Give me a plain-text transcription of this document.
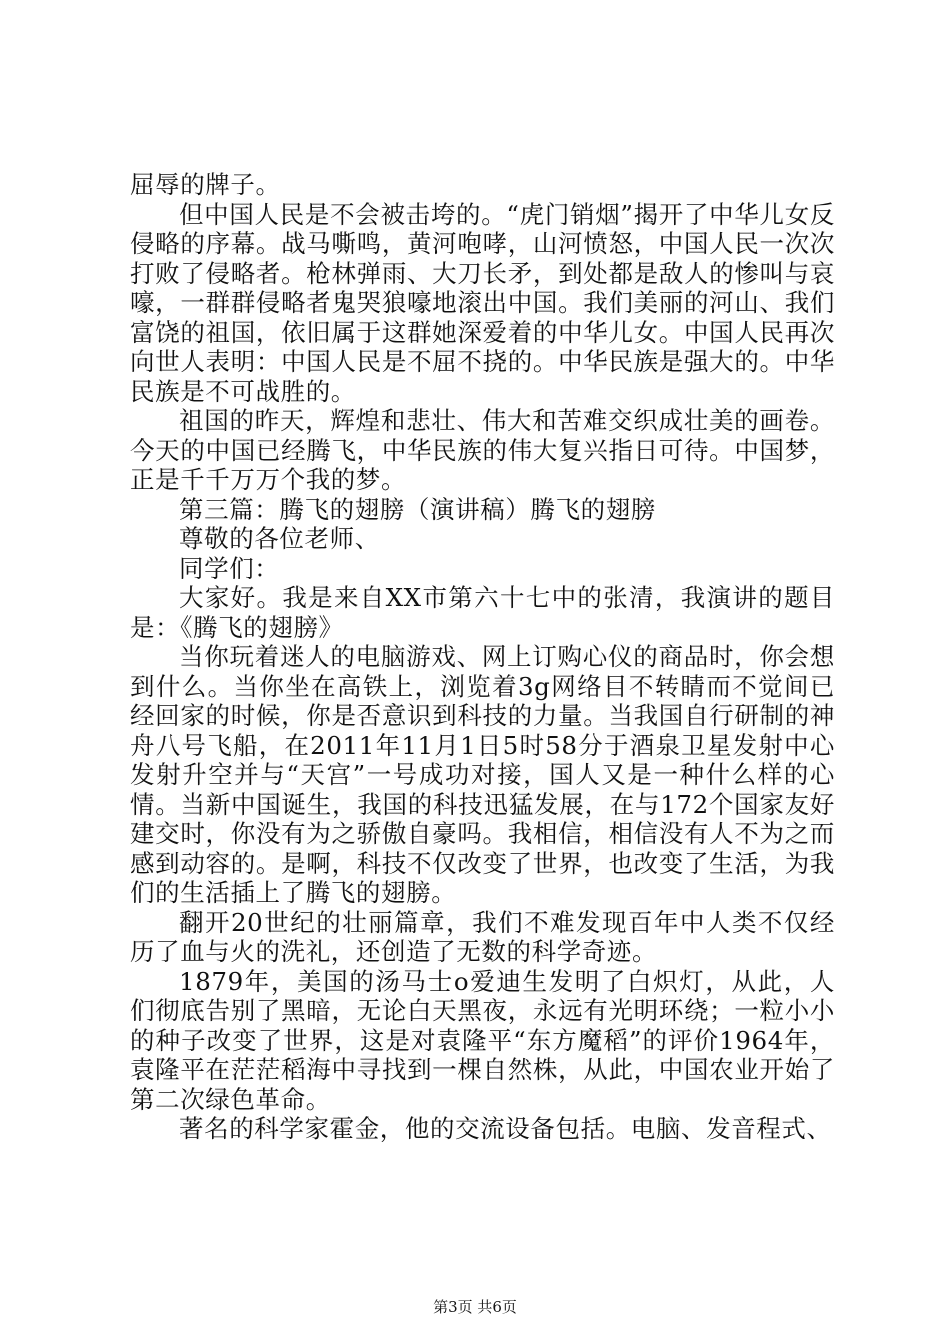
屈辱的牌子。

但中国人民是不会被击垮的。“虎门销烟”揭开了中华儿女反侵略的序幕。战马嘶鸣，黄河咆哮，山河愤怒，中国人民一次次打败了侵略者。枪林弹雨、大刀长矛，到处都是敌人的惨叫与哀嚎，一群群侵略者鬼哭狼嚎地滚出中国。我们美丽的河山、我们富饶的祖国，依旧属于这群她深爱着的中华儿女。中国人民再次向世人表明：中国人民是不屈不挠的。中华民族是强大的。中华民族是不可战胜的。

祖国的昨天，辉煌和悲壮、伟大和苦难交织成壮美的画卷。今天的中国已经腾飞，中华民族的伟大复兴指日可待。中国梦，正是千千万万个我的梦。

第三篇：腾飞的翅膀（演讲稿）腾飞的翅膀

尊敬的各位老师、

同学们：

大家好。我是来自XX市第六十七中的张清，我演讲的题目是：《腾飞的翅膀》

当你玩着迷人的电脑游戏、网上订购心仪的商品时，你会想到什么。当你坐在高铁上，浏览着3g网络目不转睛而不觉间已经回家的时候，你是否意识到科技的力量。当我国自行研制的神舟八号飞船，在2011年11月1日5时58分于酒泉卫星发射中心发射升空并与“天宫”一号成功对接，国人又是一种什么样的心情。当新中国诞生，我国的科技迅猛发展，在与172个国家友好建交时，你没有为之骄傲自豪吗。我相信，相信没有人不为之而感到动容的。是啊，科技不仅改变了世界，也改变了生活，为我们的生活插上了腾飞的翅膀。

翻开20世纪的壮丽篇章，我们不难发现百年中人类不仅经历了血与火的洗礼，还创造了无数的科学奇迹。

1879年，美国的汤马士o爱迪生发明了白炽灯，从此，人们彻底告别了黑暗，无论白天黑夜，永远有光明环绕；一粒小小的种子改变了世界，这是对袁隆平“东方魔稻”的评价1964年，袁隆平在茫茫稻海中寻找到一棵自然株，从此，中国农业开始了第二次绿色革命。

著名的科学家霍金，他的交流设备包括。电脑、发音程式、

第3页 共6页
